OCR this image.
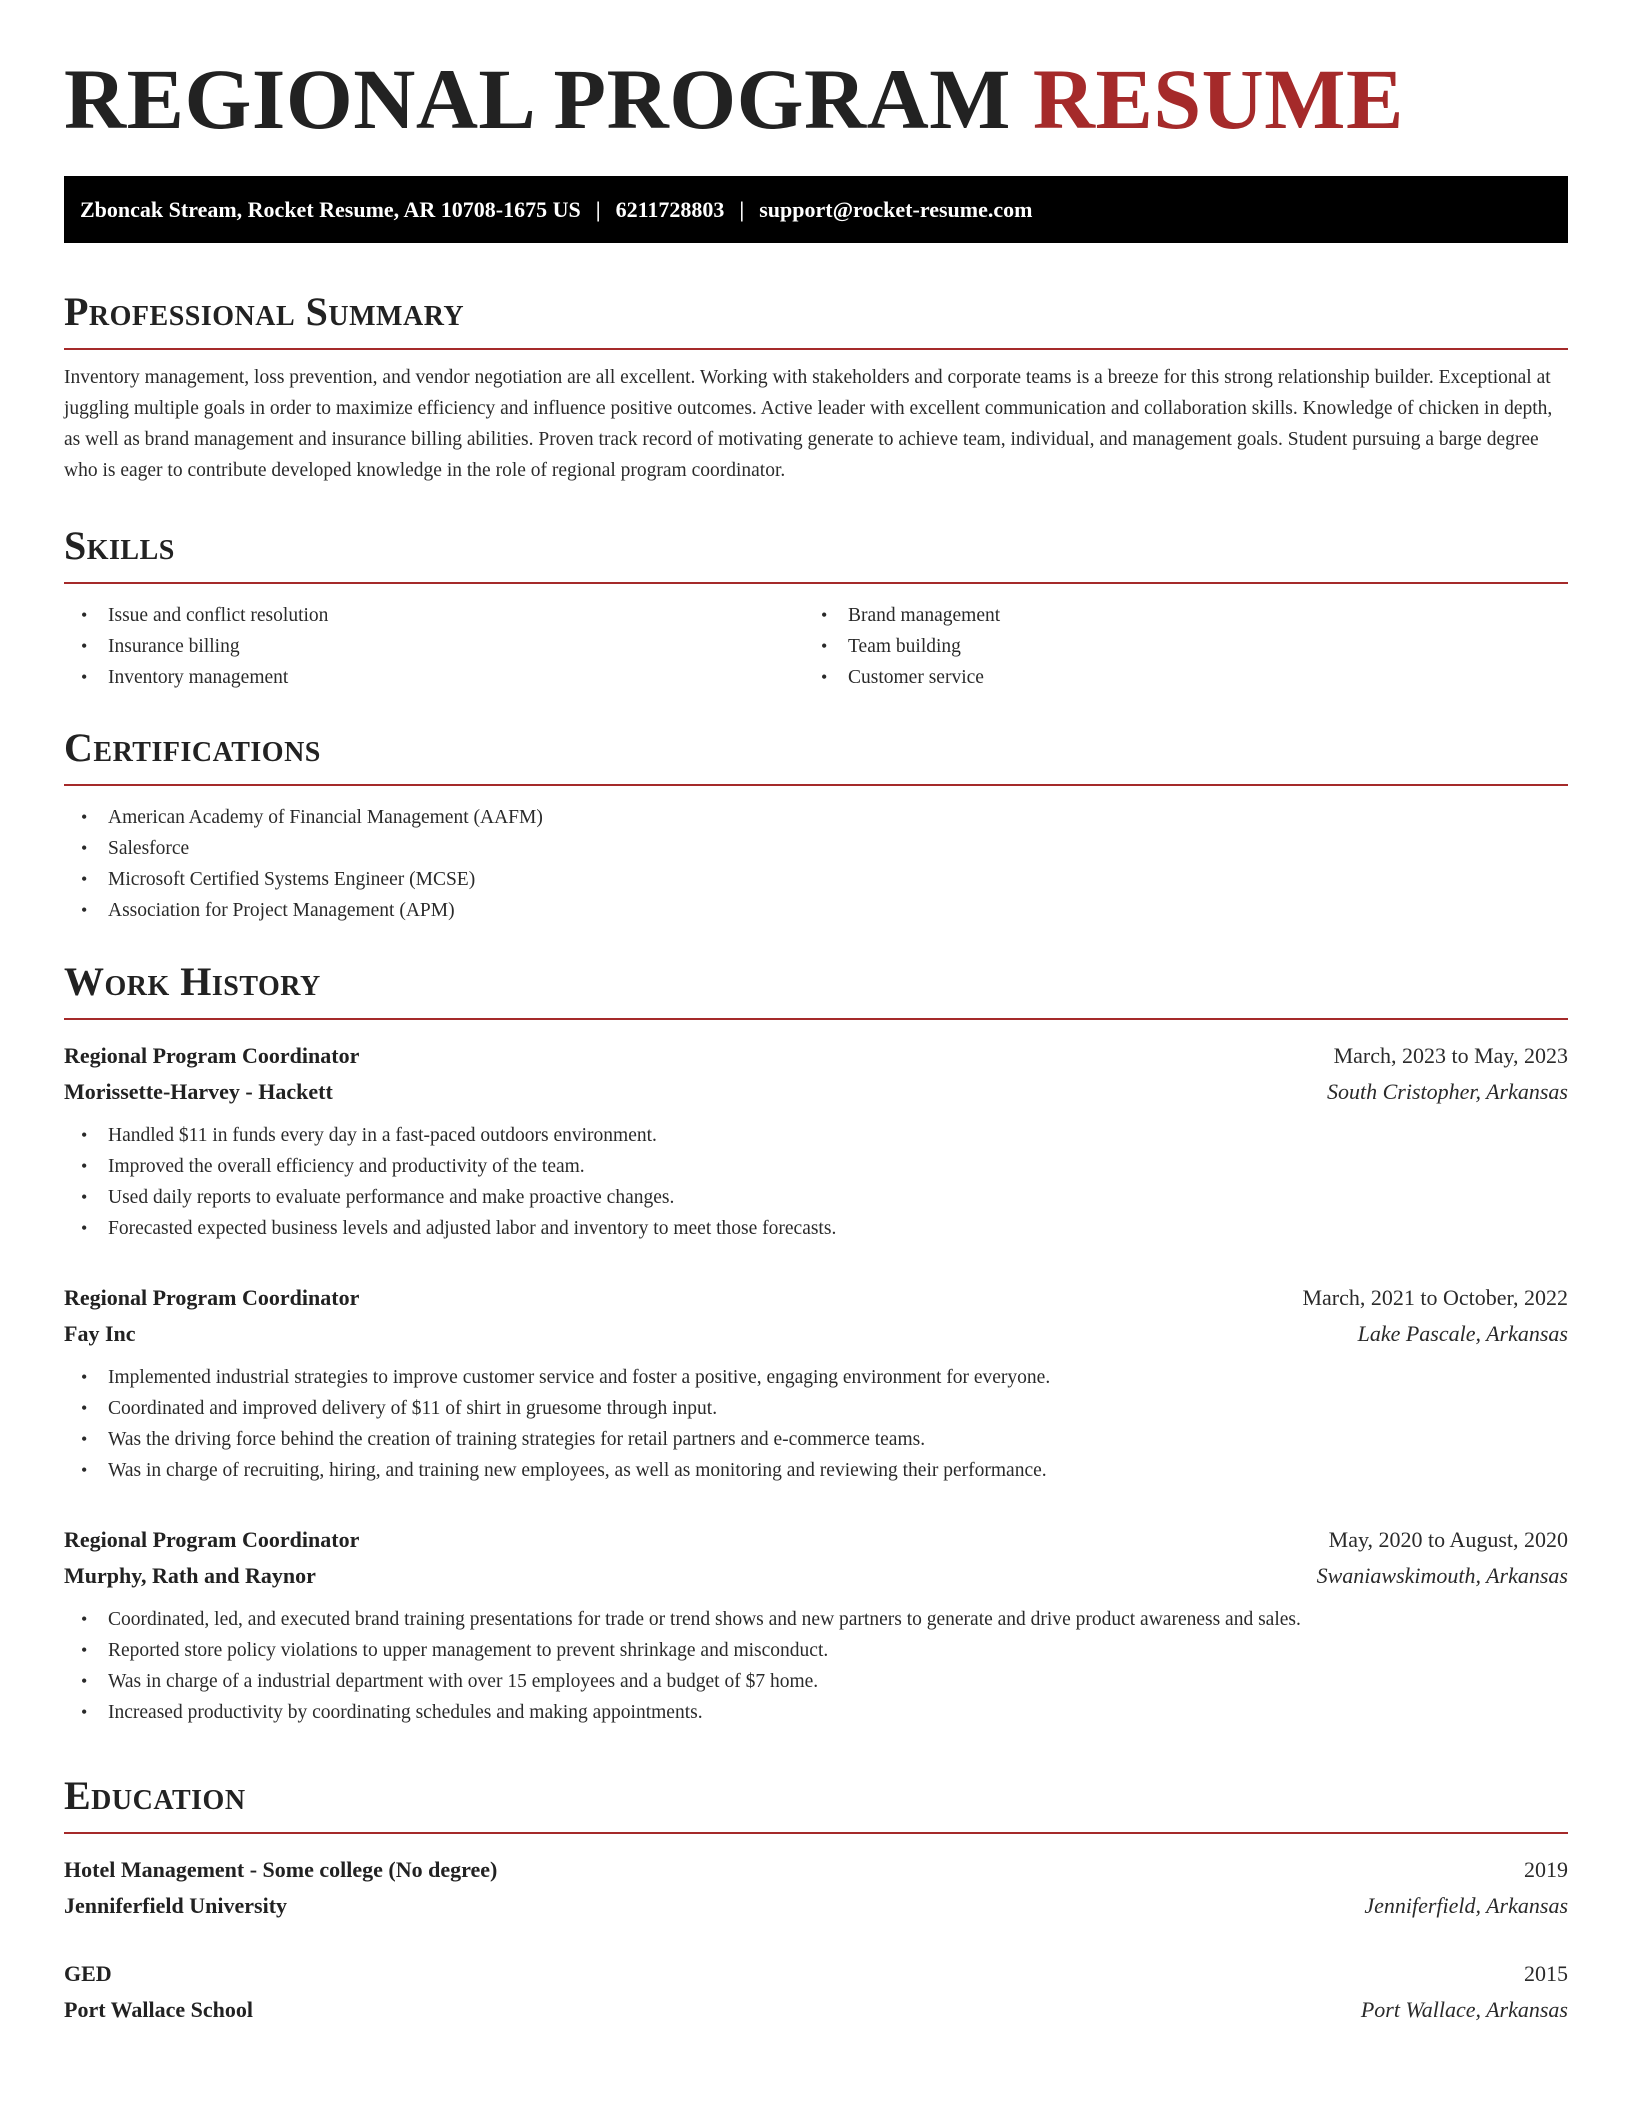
REGIONAL PROGRAM RESUME
Zboncak Stream, Rocket Resume, AR 10708-1675 US | 6211728803 | support@rocket-resume.com
Professional Summary

Inventory management, loss prevention, and vendor negotiation are all excellent. Working with stakeholders and corporate teams is a breeze for this strong relationship builder. Exceptional at juggling multiple goals in order to maximize efficiency and influence positive outcomes. Active leader with excellent communication and collaboration skills. Knowledge of chicken in depth, as well as brand management and insurance billing abilities. Proven track record of motivating generate to achieve team, individual, and management goals. Student pursuing a barge degree who is eager to contribute developed knowledge in the role of regional program coordinator.

Skills
• Issue and conflict resolution
• Insurance billing
• Inventory management
• Brand management
• Team building
• Customer service
Certifications
• American Academy of Financial Management (AAFM)
• Salesforce
• Microsoft Certified Systems Engineer (MCSE)
• Association for Project Management (APM)
Work History
Regional Program Coordinator	March, 2023 to May, 2023
Morissette-Harvey - Hackett	South Cristopher, Arkansas
• Handled $11 in funds every day in a fast-paced outdoors environment.
• Improved the overall efficiency and productivity of the team.
• Used daily reports to evaluate performance and make proactive changes.
• Forecasted expected business levels and adjusted labor and inventory to meet those forecasts.
Regional Program Coordinator	March, 2021 to October, 2022
Fay Inc	Lake Pascale, Arkansas
• Implemented industrial strategies to improve customer service and foster a positive, engaging environment for everyone.
• Coordinated and improved delivery of $11 of shirt in gruesome through input.
• Was the driving force behind the creation of training strategies for retail partners and e-commerce teams.
• Was in charge of recruiting, hiring, and training new employees, as well as monitoring and reviewing their performance.
Regional Program Coordinator	May, 2020 to August, 2020
Murphy, Rath and Raynor	Swaniawskimouth, Arkansas
• Coordinated, led, and executed brand training presentations for trade or trend shows and new partners to generate and drive product awareness and sales.
• Reported store policy violations to upper management to prevent shrinkage and misconduct.
• Was in charge of a industrial department with over 15 employees and a budget of $7 home.
• Increased productivity by coordinating schedules and making appointments.
Education
Hotel Management - Some college (No degree)	2019
Jenniferfield University	Jenniferfield, Arkansas
GED	2015
Port Wallace School	Port Wallace, Arkansas
